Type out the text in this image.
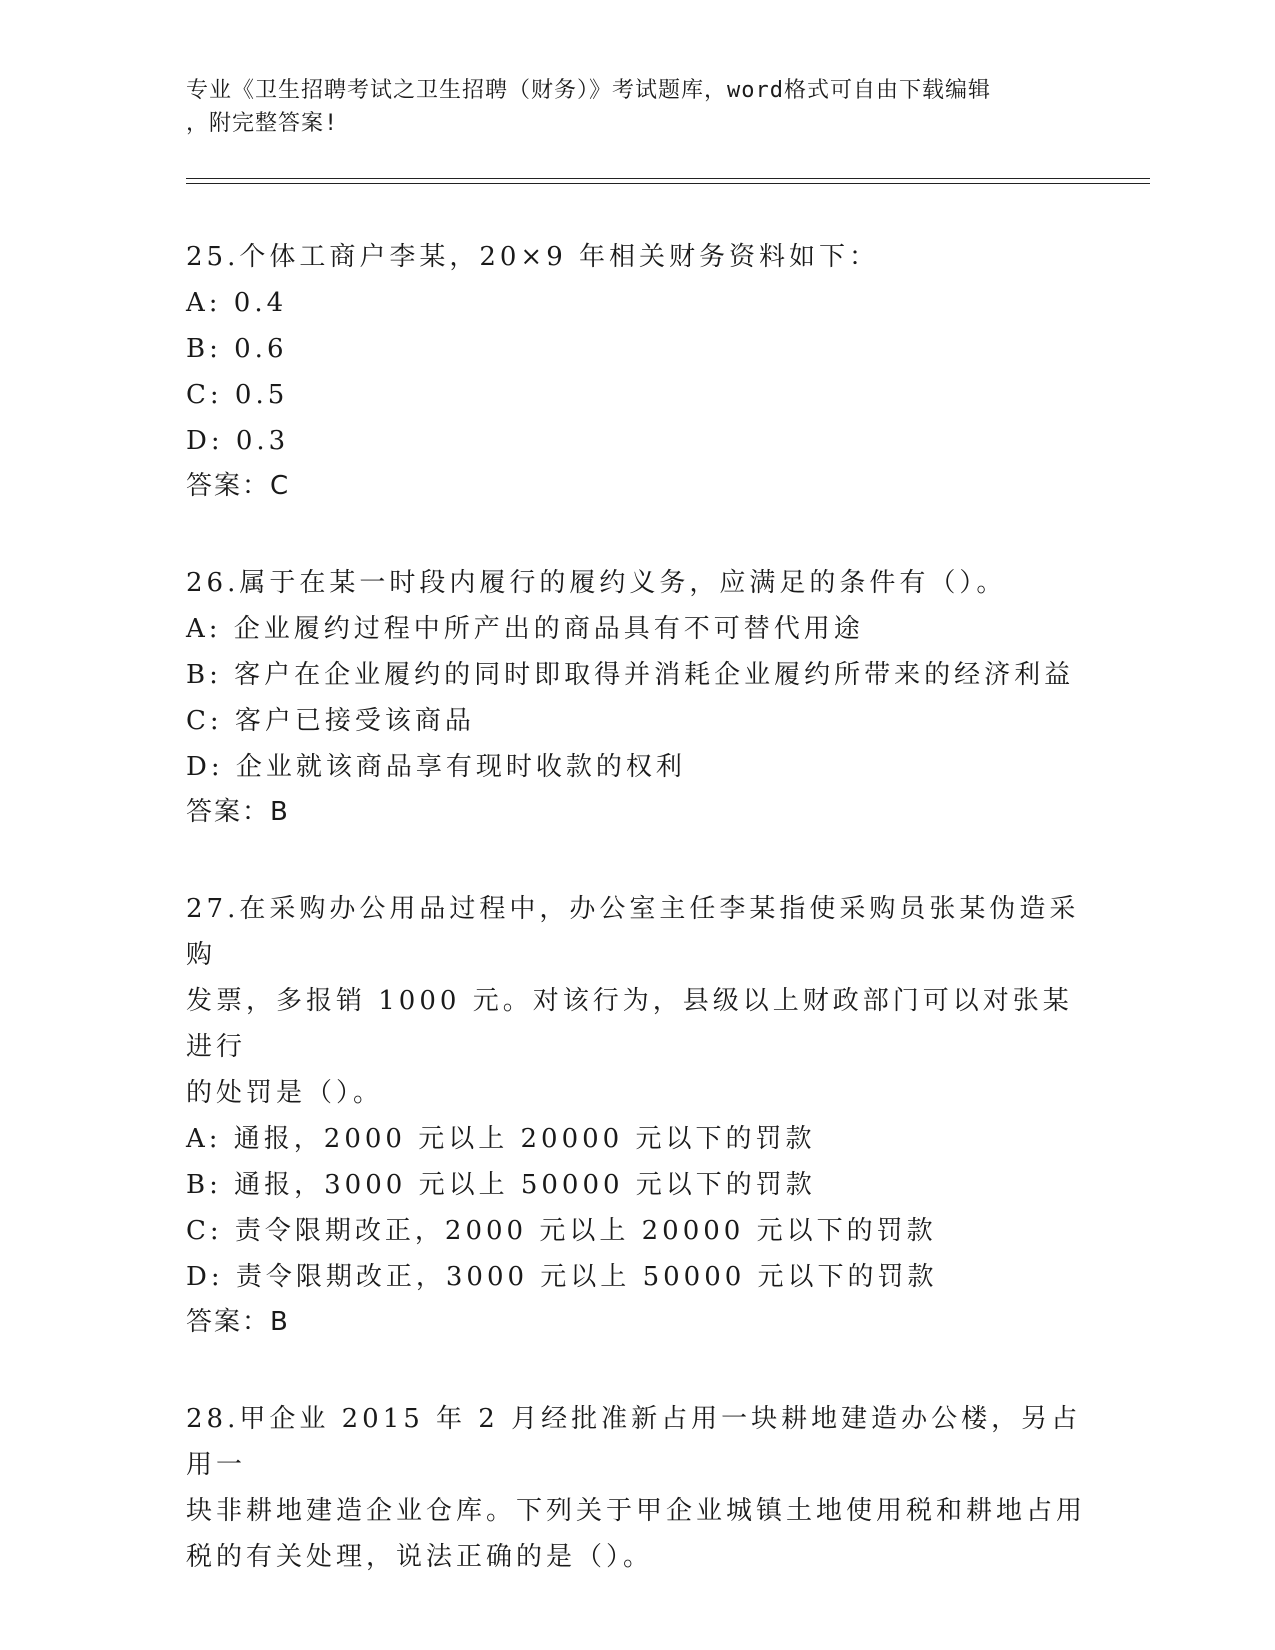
专业《卫生招聘考试之卫生招聘（财务）》考试题库，word格式可自由下载编辑
，附完整答案!
25.个体工商户李某，20×9 年相关财务资料如下：
A: 0.4
B: 0.6
C: 0.5
D: 0.3
答案：C
26.属于在某一时段内履行的履约义务，应满足的条件有（）。
A: 企业履约过程中所产出的商品具有不可替代用途
B: 客户在企业履约的同时即取得并消耗企业履约所带来的经济利益
C: 客户已接受该商品
D: 企业就该商品享有现时收款的权利
答案：B
27.在采购办公用品过程中，办公室主任李某指使采购员张某伪造采购
发票，多报销 1000 元。对该行为，县级以上财政部门可以对张某进行
的处罚是（）。
A: 通报，2000 元以上 20000 元以下的罚款
B: 通报，3000 元以上 50000 元以下的罚款
C: 责令限期改正，2000 元以上 20000 元以下的罚款
D: 责令限期改正，3000 元以上 50000 元以下的罚款
答案：B
28.甲企业 2015 年 2 月经批准新占用一块耕地建造办公楼，另占用一
块非耕地建造企业仓库。下列关于甲企业城镇土地使用税和耕地占用
税的有关处理，说法正确的是（）。
